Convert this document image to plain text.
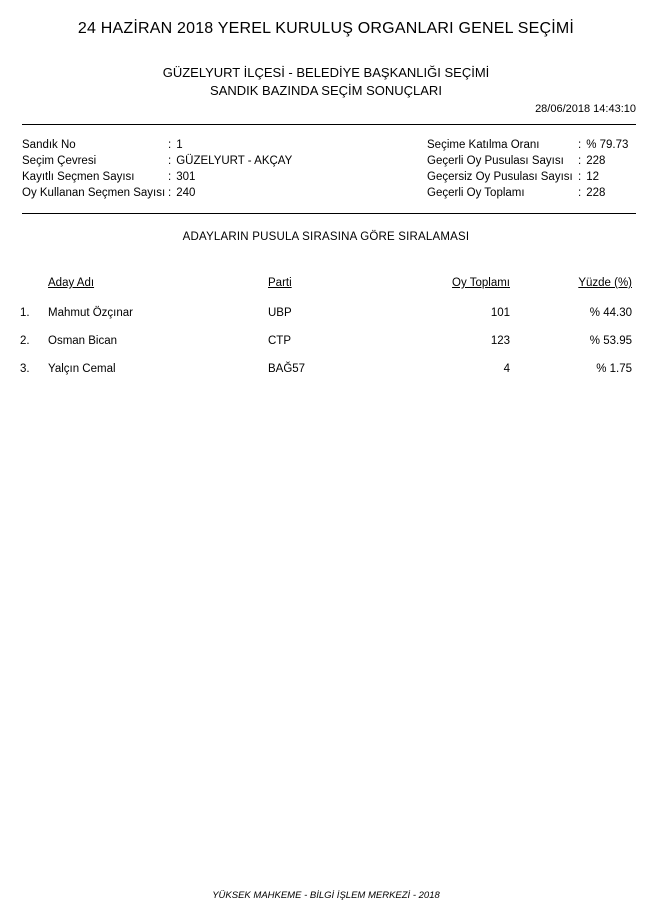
24 HAZİRAN 2018 YEREL KURULUŞ ORGANLARI GENEL SEÇİMİ
GÜZELYURT İLÇESİ - BELEDİYE BAŞKANLIĞI SEÇİMİ
SANDIK BAZINDA SEÇİM SONUÇLARI
28/06/2018 14:43:10
Sandık No	: 1
Seçim Çevresi	: GÜZELYURT - AKÇAY
Kayıtlı Seçmen Sayısı	: 301
Oy Kullanan Seçmen Sayısı : 240
Seçime Katılma Oranı	: % 79.73
Geçerli Oy Pusulası Sayısı	: 228
Geçersiz Oy Pusulası Sayısı : 12
Geçerli Oy Toplamı	: 228
ADAYLARIN PUSULA SIRASINA GÖRE SIRALAMASI
Aday Adı	Parti	Oy Toplamı	Yüzde (%)
1. Mahmut Özçınar	UBP	101	% 44.30
2. Osman Bican	CTP	123	% 53.95
3. Yalçın Cemal	BAĞ57	4	% 1.75
YÜKSEK MAHKEME - BİLGİ İŞLEM MERKEZİ - 2018
